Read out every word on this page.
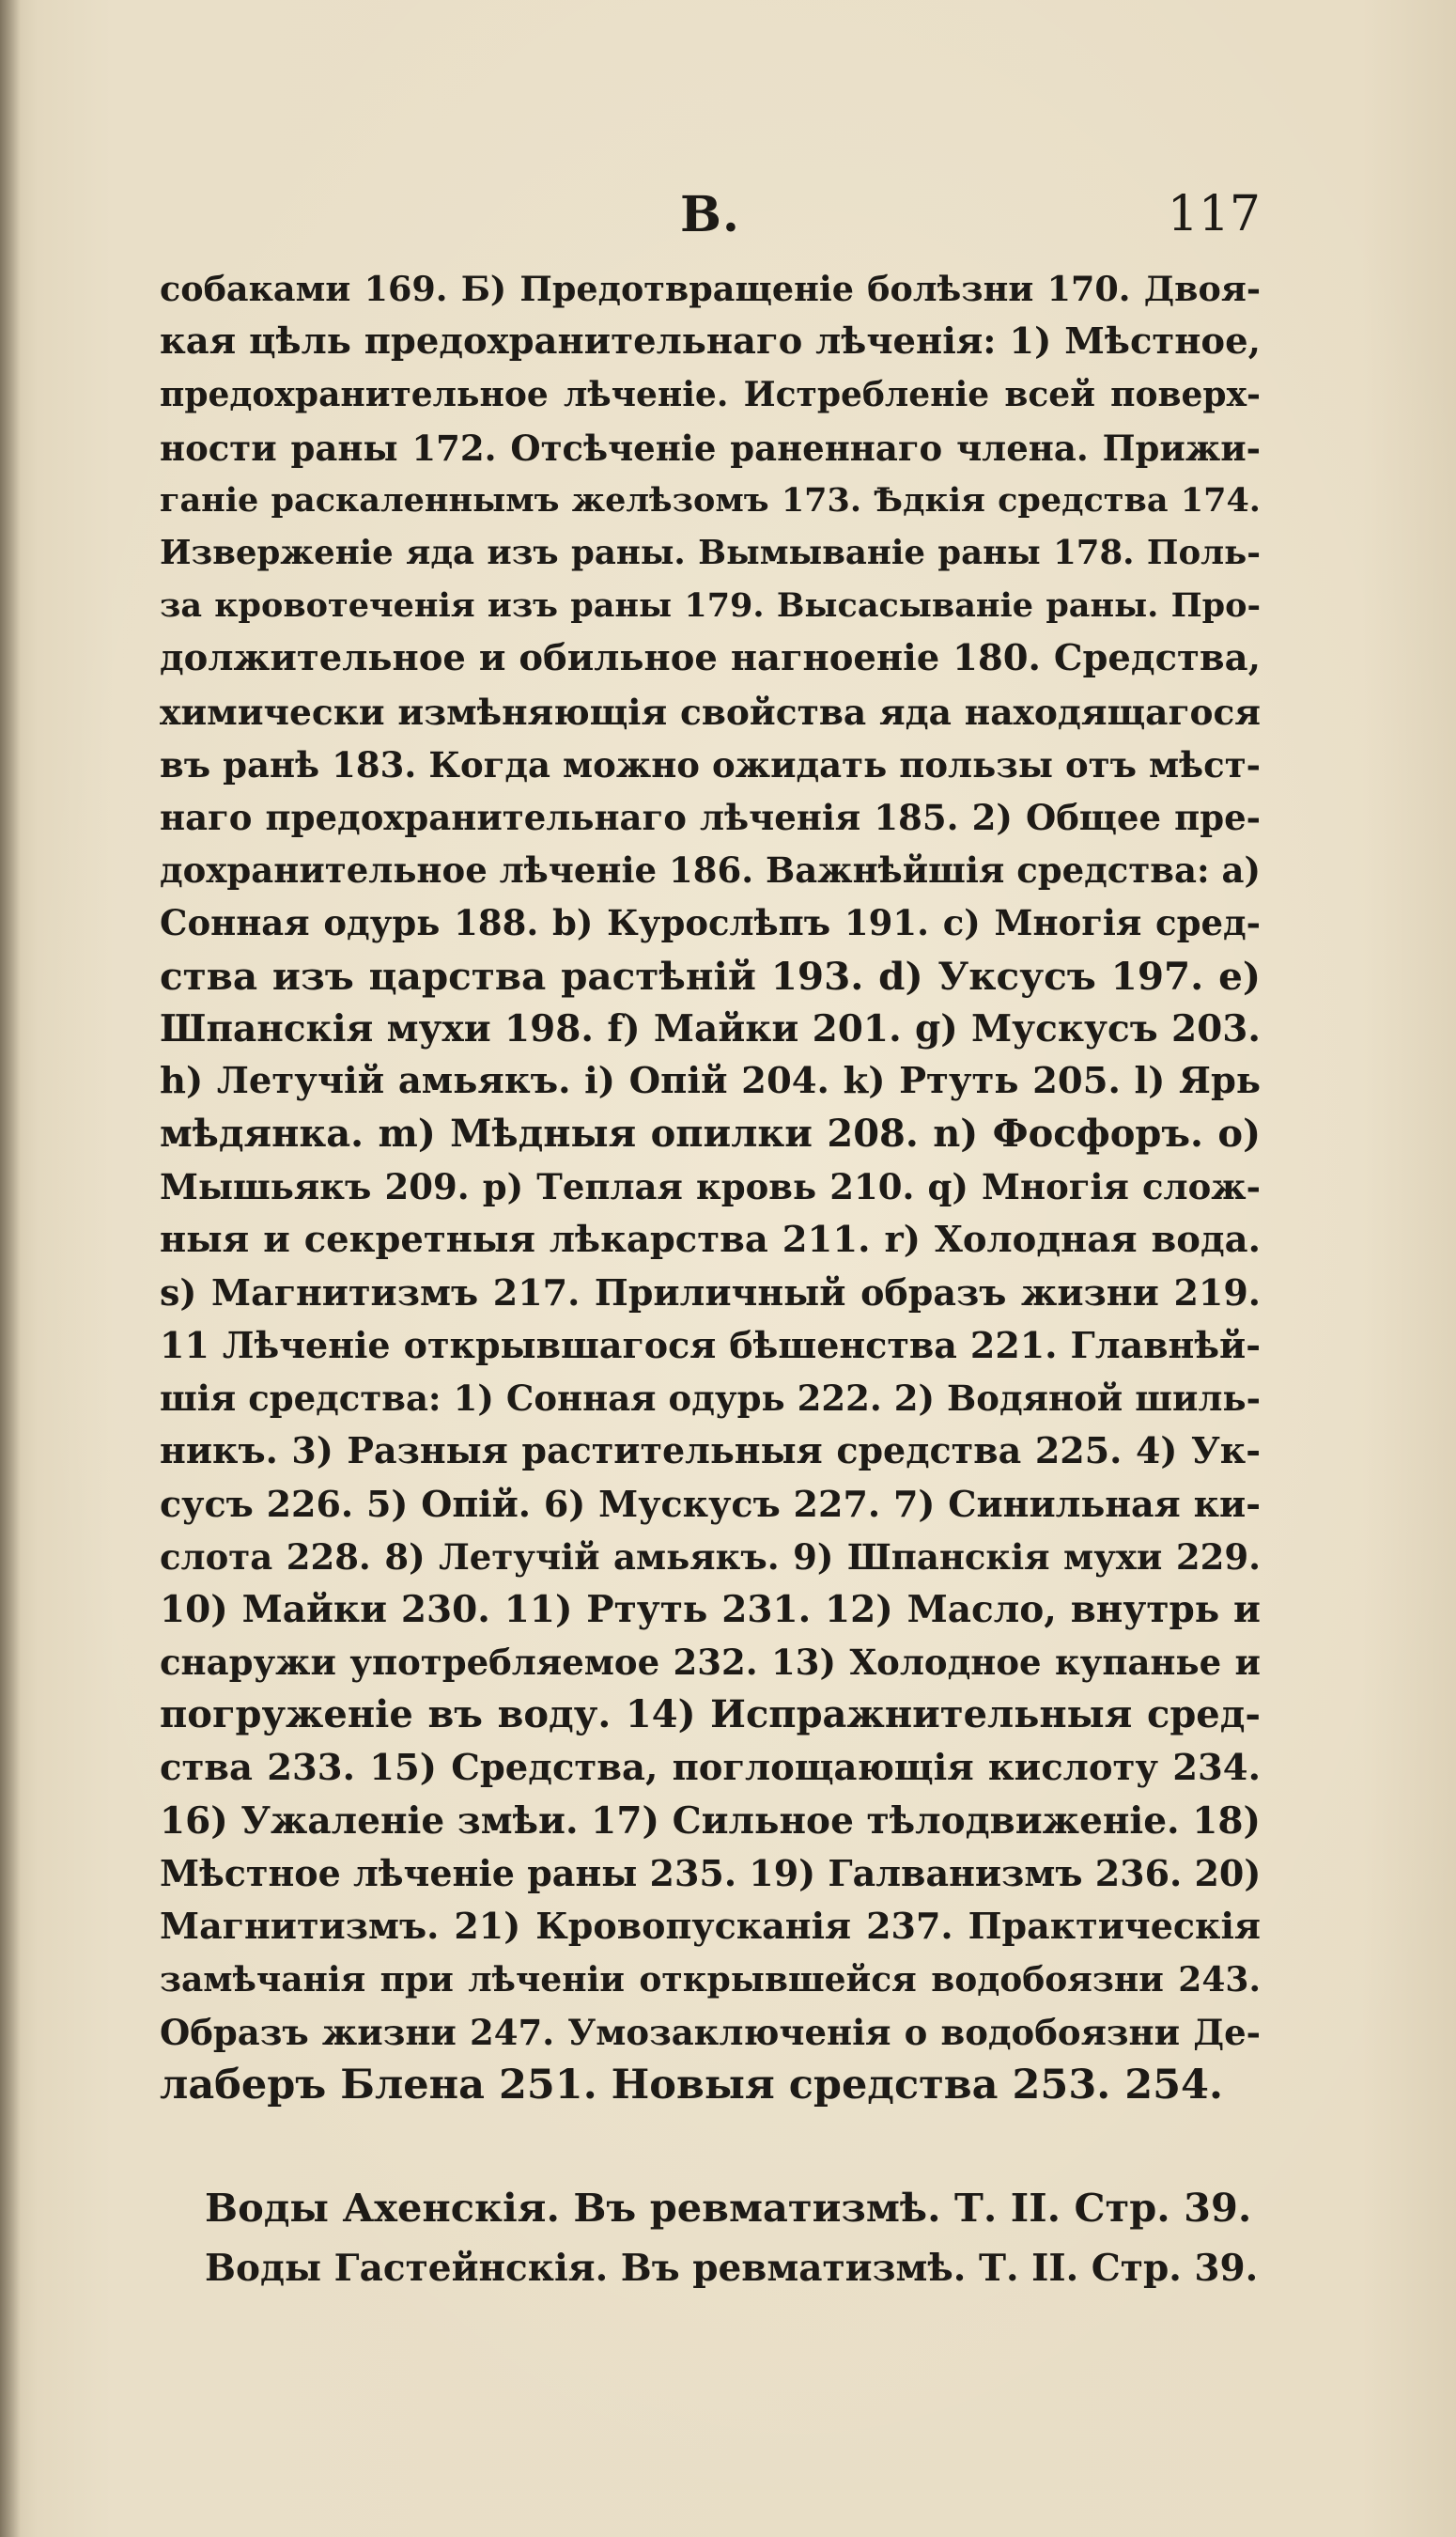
В.	117
собаками 169. Б) Предотвращеніе болѣзни 170. Двоя-
кая цѣль предохранительнаго лѣченія: 1) Мѣстное,
предохранительное лѣченіе. Истребленіе всей поверх-
ности раны 172. Отсѣченіе раненнаго члена. Прижи-
ганіе раскаленнымъ желѣзомъ 173. Ѣдкія средства 174.
Извержeніе яда изъ раны. Вымываніе раны 178. Поль-
за кровотеченія изъ раны 179. Высасываніе раны. Про-
должительное и обильное нагноеніе 180. Средства,
химически измѣняющія свойства яда находящагося
въ ранѣ 183. Когда можно ожидать пользы отъ мѣст-
наго предохранительнаго лѣченія 185. 2) Общее пре-
дохранительное лѣченіе 186. Важнѣйшія средства: a)
Сонная одурь 188. b) Курослѣпъ 191. c) Многія сред-
ства изъ царства растѣній 193. d) Уксусъ 197. e)
Шпанскія мухи 198. f) Майки 201. g) Мускусъ 203.
h) Летучій амьякъ. i) Опій 204. k) Ртуть 205. l) Ярь
мѣдянка. m) Мѣдныя опилки 208. n) Фосфоръ. o)
Мышьякъ 209. p) Теплая кровь 210. q) Многія слож-
ныя и секретныя лѣкарства 211. r) Холодная вода.
s) Магнитизмъ 217. Приличный образъ жизни 219.
11 Лѣченіе открывшагося бѣшенства 221. Главнѣй-
шія средства: 1) Сонная одурь 222. 2) Водяной шиль-
никъ. 3) Разныя растительныя средства 225. 4) Ук-
сусъ 226. 5) Опій. 6) Мускусъ 227. 7) Синильная ки-
слота 228. 8) Летучій амьякъ. 9) Шпанскія мухи 229.
10) Майки 230. 11) Ртуть 231. 12) Масло, внутрь и
снаружи употребляемое 232. 13) Холодное купанье и
погруженіе въ воду. 14) Испражнительныя сред-
ства 233. 15) Средства, поглощающія кислоту 234.
16) Ужаленіе змѣи. 17) Сильное тѣлодвиженіе. 18)
Мѣстное лѣченіе раны 235. 19) Галванизмъ 236. 20)
Магнитизмъ. 21) Кровопусканія 237. Практическія
замѣчанія при лѣченіи открывшейся водобоязни 243.
Образъ жизни 247. Умозаключенія о водобоязни Де-
лаберъ Блена 251. Новыя средства 253. 254.
Воды Ахенскія. Въ ревматизмѣ. Т. II. Стр. 39.
Воды Гастейнскія. Въ ревматизмѣ. Т. II. Стр. 39.
